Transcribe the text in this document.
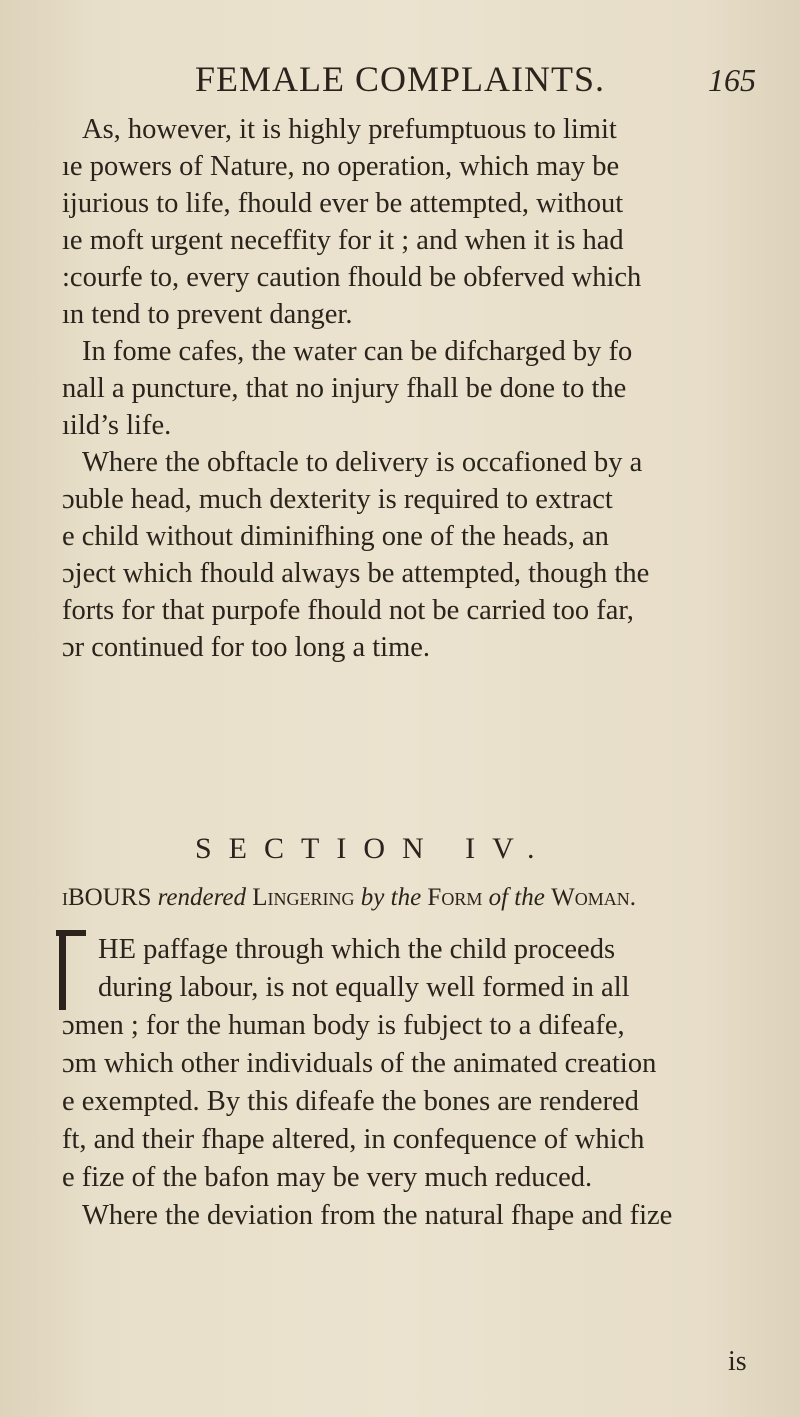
FEMALE COMPLAINTS.	165
As, however, it is highly prefumptuous to limit
ıe powers of Nature, no operation, which may be
ijurious to life, fhould ever be attempted, without
ıe moft urgent neceffity for it ; and when it is had
:courfe to, every caution fhould be obferved which
ın tend to prevent danger.
In fome cafes, the water can be difcharged by fo
nall a puncture, that no injury fhall be done to the
ıild’s life.
Where the obftacle to delivery is occafioned by a
ɔuble head, much dexterity is required to extract
e child without diminifhing one of the heads, an
ɔject which fhould always be attempted, though the
forts for that purpofe fhould not be carried too far,
ɔr continued for too long a time.
SECTION IV.
ıBOURS rendered Lingering by the Form of the Woman.
HE paffage through which the child proceeds
during labour, is not equally well formed in all
ɔmen ; for the human body is fubject to a difeafe,
ɔm which other individuals of the animated creation
e exempted. By this difeafe the bones are rendered
ft, and their fhape altered, in confequence of which
e fize of the bafon may be very much reduced.
Where the deviation from the natural fhape and fize
is
